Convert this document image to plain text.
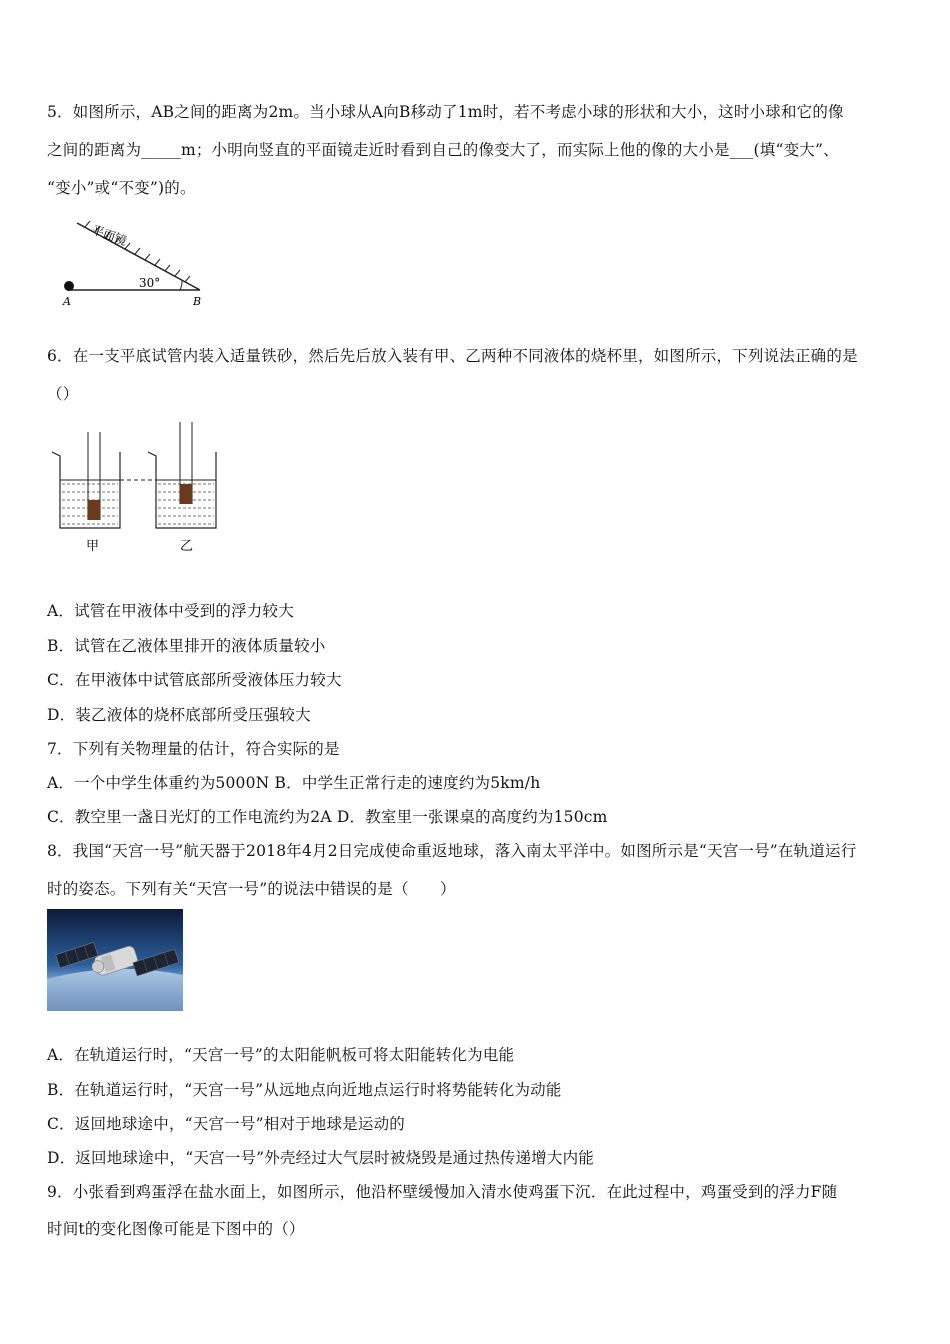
5．如图所示，AB之间的距离为2m。当小球从A向B移动了1m时，若不考虑小球的形状和大小，这时小球和它的像
之间的距离为_____m；小明向竖直的平面镜走近时看到自己的像变大了，而实际上他的像的大小是___(填“变大”、
“变小”或“不变”)的。
平面镜
30°
A	B
6．在一支平底试管内装入适量铁砂，然后先后放入装有甲、乙两种不同液体的烧杯里，如图所示，下列说法正确的是
（）
甲	乙
A．试管在甲液体中受到的浮力较大
B．试管在乙液体里排开的液体质量较小
C．在甲液体中试管底部所受液体压力较大
D．装乙液体的烧杯底部所受压强较大
7．下列有关物理量的估计，符合实际的是
A．一个中学生体重约为5000N B．中学生正常行走的速度约为5km/h
C．教空里一盏日光灯的工作电流约为2A D．教室里一张课桌的高度约为150cm
8．我国“天宫一号”航天器于2018年4月2日完成使命重返地球，落入南太平洋中。如图所示是“天宫一号”在轨道运行
时的姿态。下列有关“天宫一号”的说法中错误的是（　　）
A．在轨道运行时，“天宫一号”的太阳能帆板可将太阳能转化为电能
B．在轨道运行时，“天宫一号”从远地点向近地点运行时将势能转化为动能
C．返回地球途中，“天宫一号”相对于地球是运动的
D．返回地球途中，“天宫一号”外壳经过大气层时被烧毁是通过热传递增大内能
9．小张看到鸡蛋浮在盐水面上，如图所示，他沿杯壁缓慢加入清水使鸡蛋下沉．在此过程中，鸡蛋受到的浮力F随
时间t的变化图像可能是下图中的（）
